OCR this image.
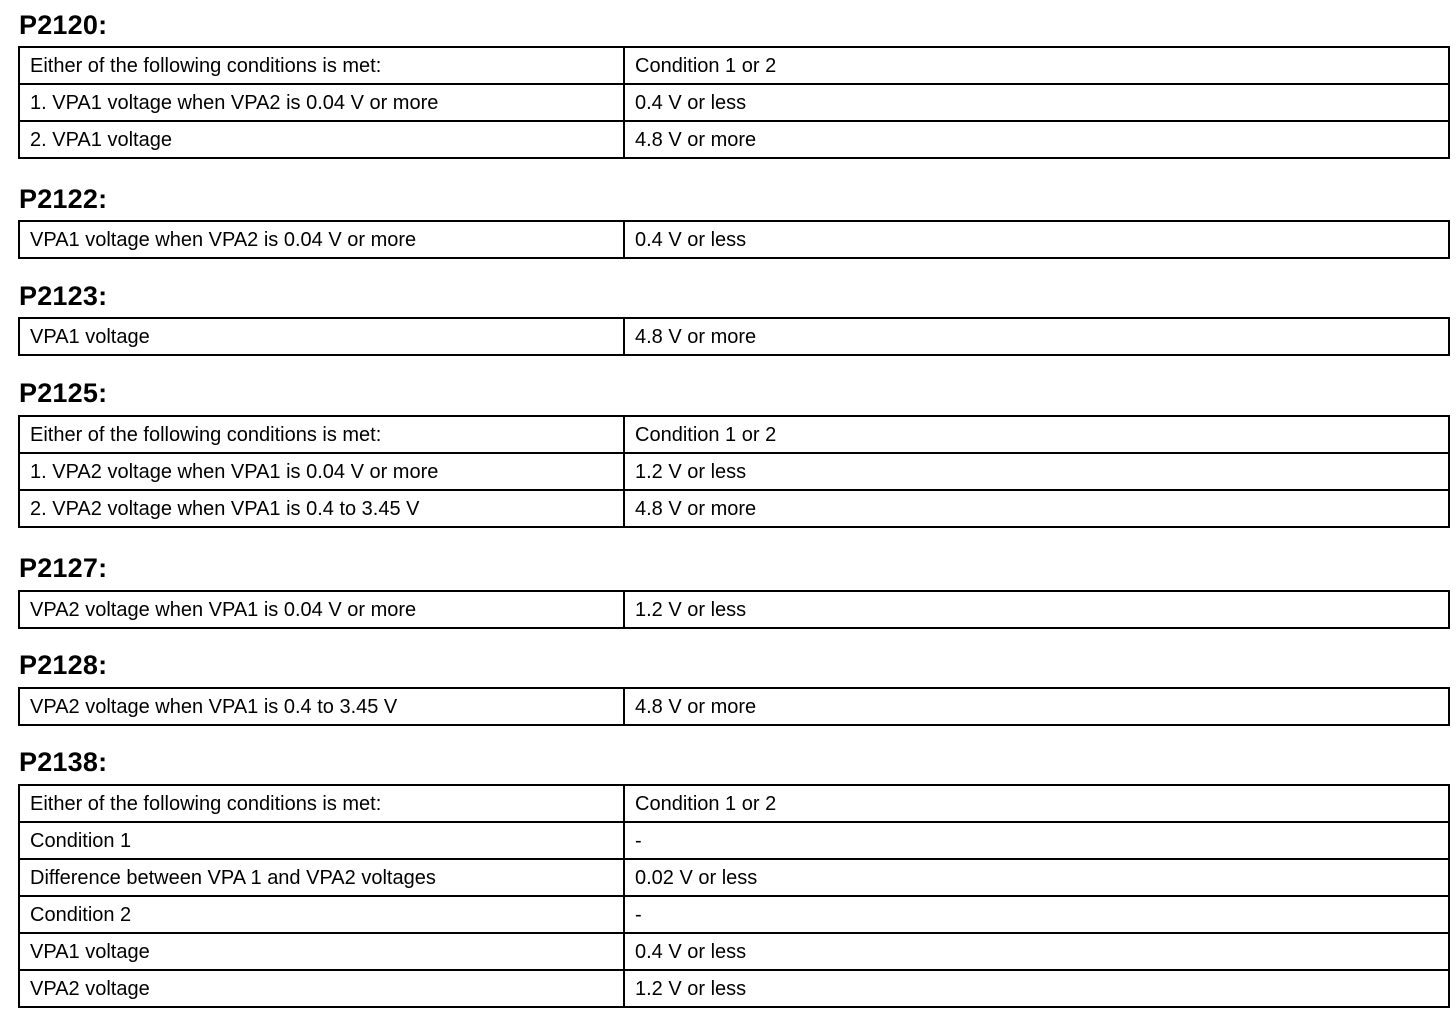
P2120:
Either of the following conditions is met:	Condition 1 or 2
1. VPA1 voltage when VPA2 is 0.04 V or more	0.4 V or less
2. VPA1 voltage	4.8 V or more
P2122:
VPA1 voltage when VPA2 is 0.04 V or more	0.4 V or less
P2123:
VPA1 voltage	4.8 V or more
P2125:
Either of the following conditions is met:	Condition 1 or 2
1. VPA2 voltage when VPA1 is 0.04 V or more	1.2 V or less
2. VPA2 voltage when VPA1 is 0.4 to 3.45 V	4.8 V or more
P2127:
VPA2 voltage when VPA1 is 0.04 V or more	1.2 V or less
P2128:
VPA2 voltage when VPA1 is 0.4 to 3.45 V	4.8 V or more
P2138:
Either of the following conditions is met:	Condition 1 or 2
Condition 1	-
Difference between VPA 1 and VPA2 voltages	0.02 V or less
Condition 2	-
VPA1 voltage	0.4 V or less
VPA2 voltage	1.2 V or less
